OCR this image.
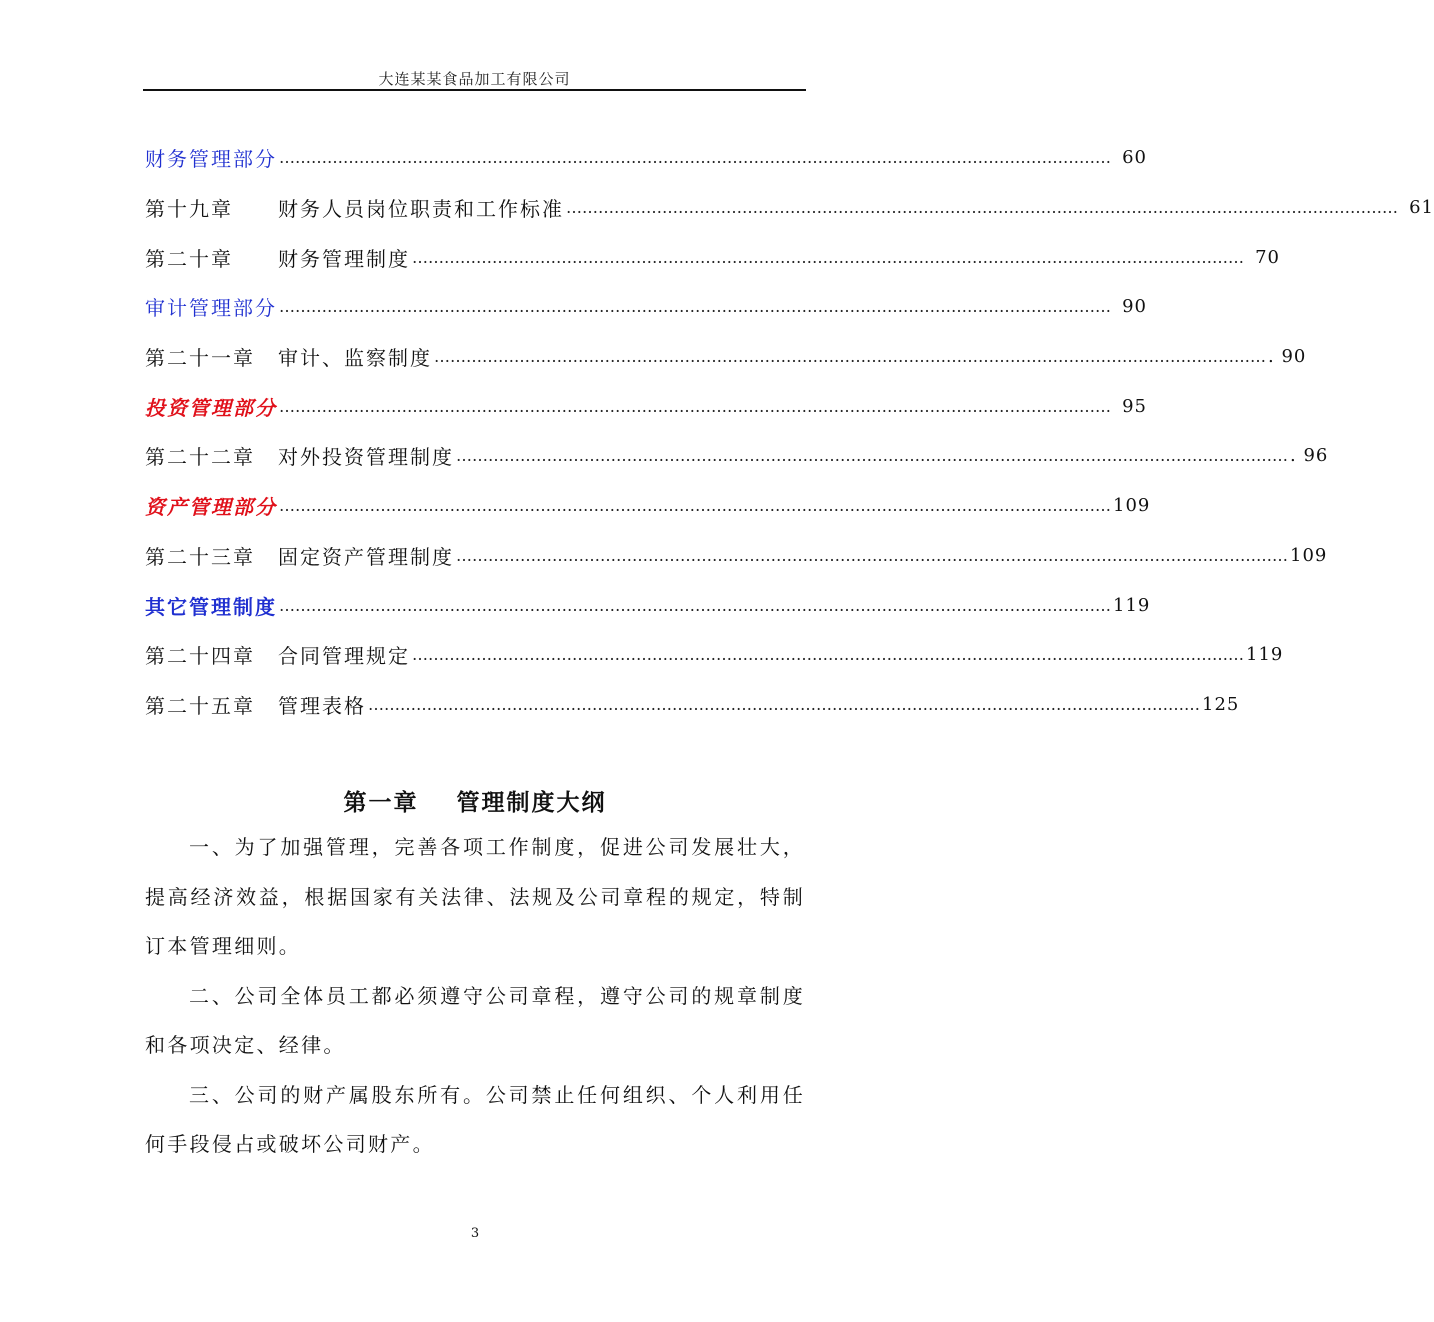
大连某某食品加工有限公司
财务管理部分 ………………………………………………………………………………………………………………………………………… 60
第十九章	财务人员岗位职责和工作标准 ………………………………………………………………………………………………………………………………………… 61
第二十章	财务管理制度 ………………………………………………………………………………………………………………………………………… 70
审计管理部分 ………………………………………………………………………………………………………………………………………… 90
第二十一章	审计、监察制度 ………………………………………………………………………………………………………………………………………… . 90
投资管理部分 ………………………………………………………………………………………………………………………………………… 95
第二十二章	对外投资管理制度 ………………………………………………………………………………………………………………………………………… . 96
资产管理部分 ………………………………………………………………………………………………………………………………………… 109
第二十三章	固定资产管理制度 ………………………………………………………………………………………………………………………………………… 109
其它管理制度 ………………………………………………………………………………………………………………………………………… 119
第二十四章	合同管理规定 ………………………………………………………………………………………………………………………………………… 119
第二十五章	管理表格 ………………………………………………………………………………………………………………………………………… 125
第一章 管理制度大纲

一、为了加强管理，完善各项工作制度，促进公司发展壮大，提高经济效益，根据国家有关法律、法规及公司章程的规定，特制订本管理细则。

二、公司全体员工都必须遵守公司章程，遵守公司的规章制度和各项决定、经律。

三、公司的财产属股东所有。公司禁止任何组织、个人利用任何手段侵占或破坏公司财产。

3
